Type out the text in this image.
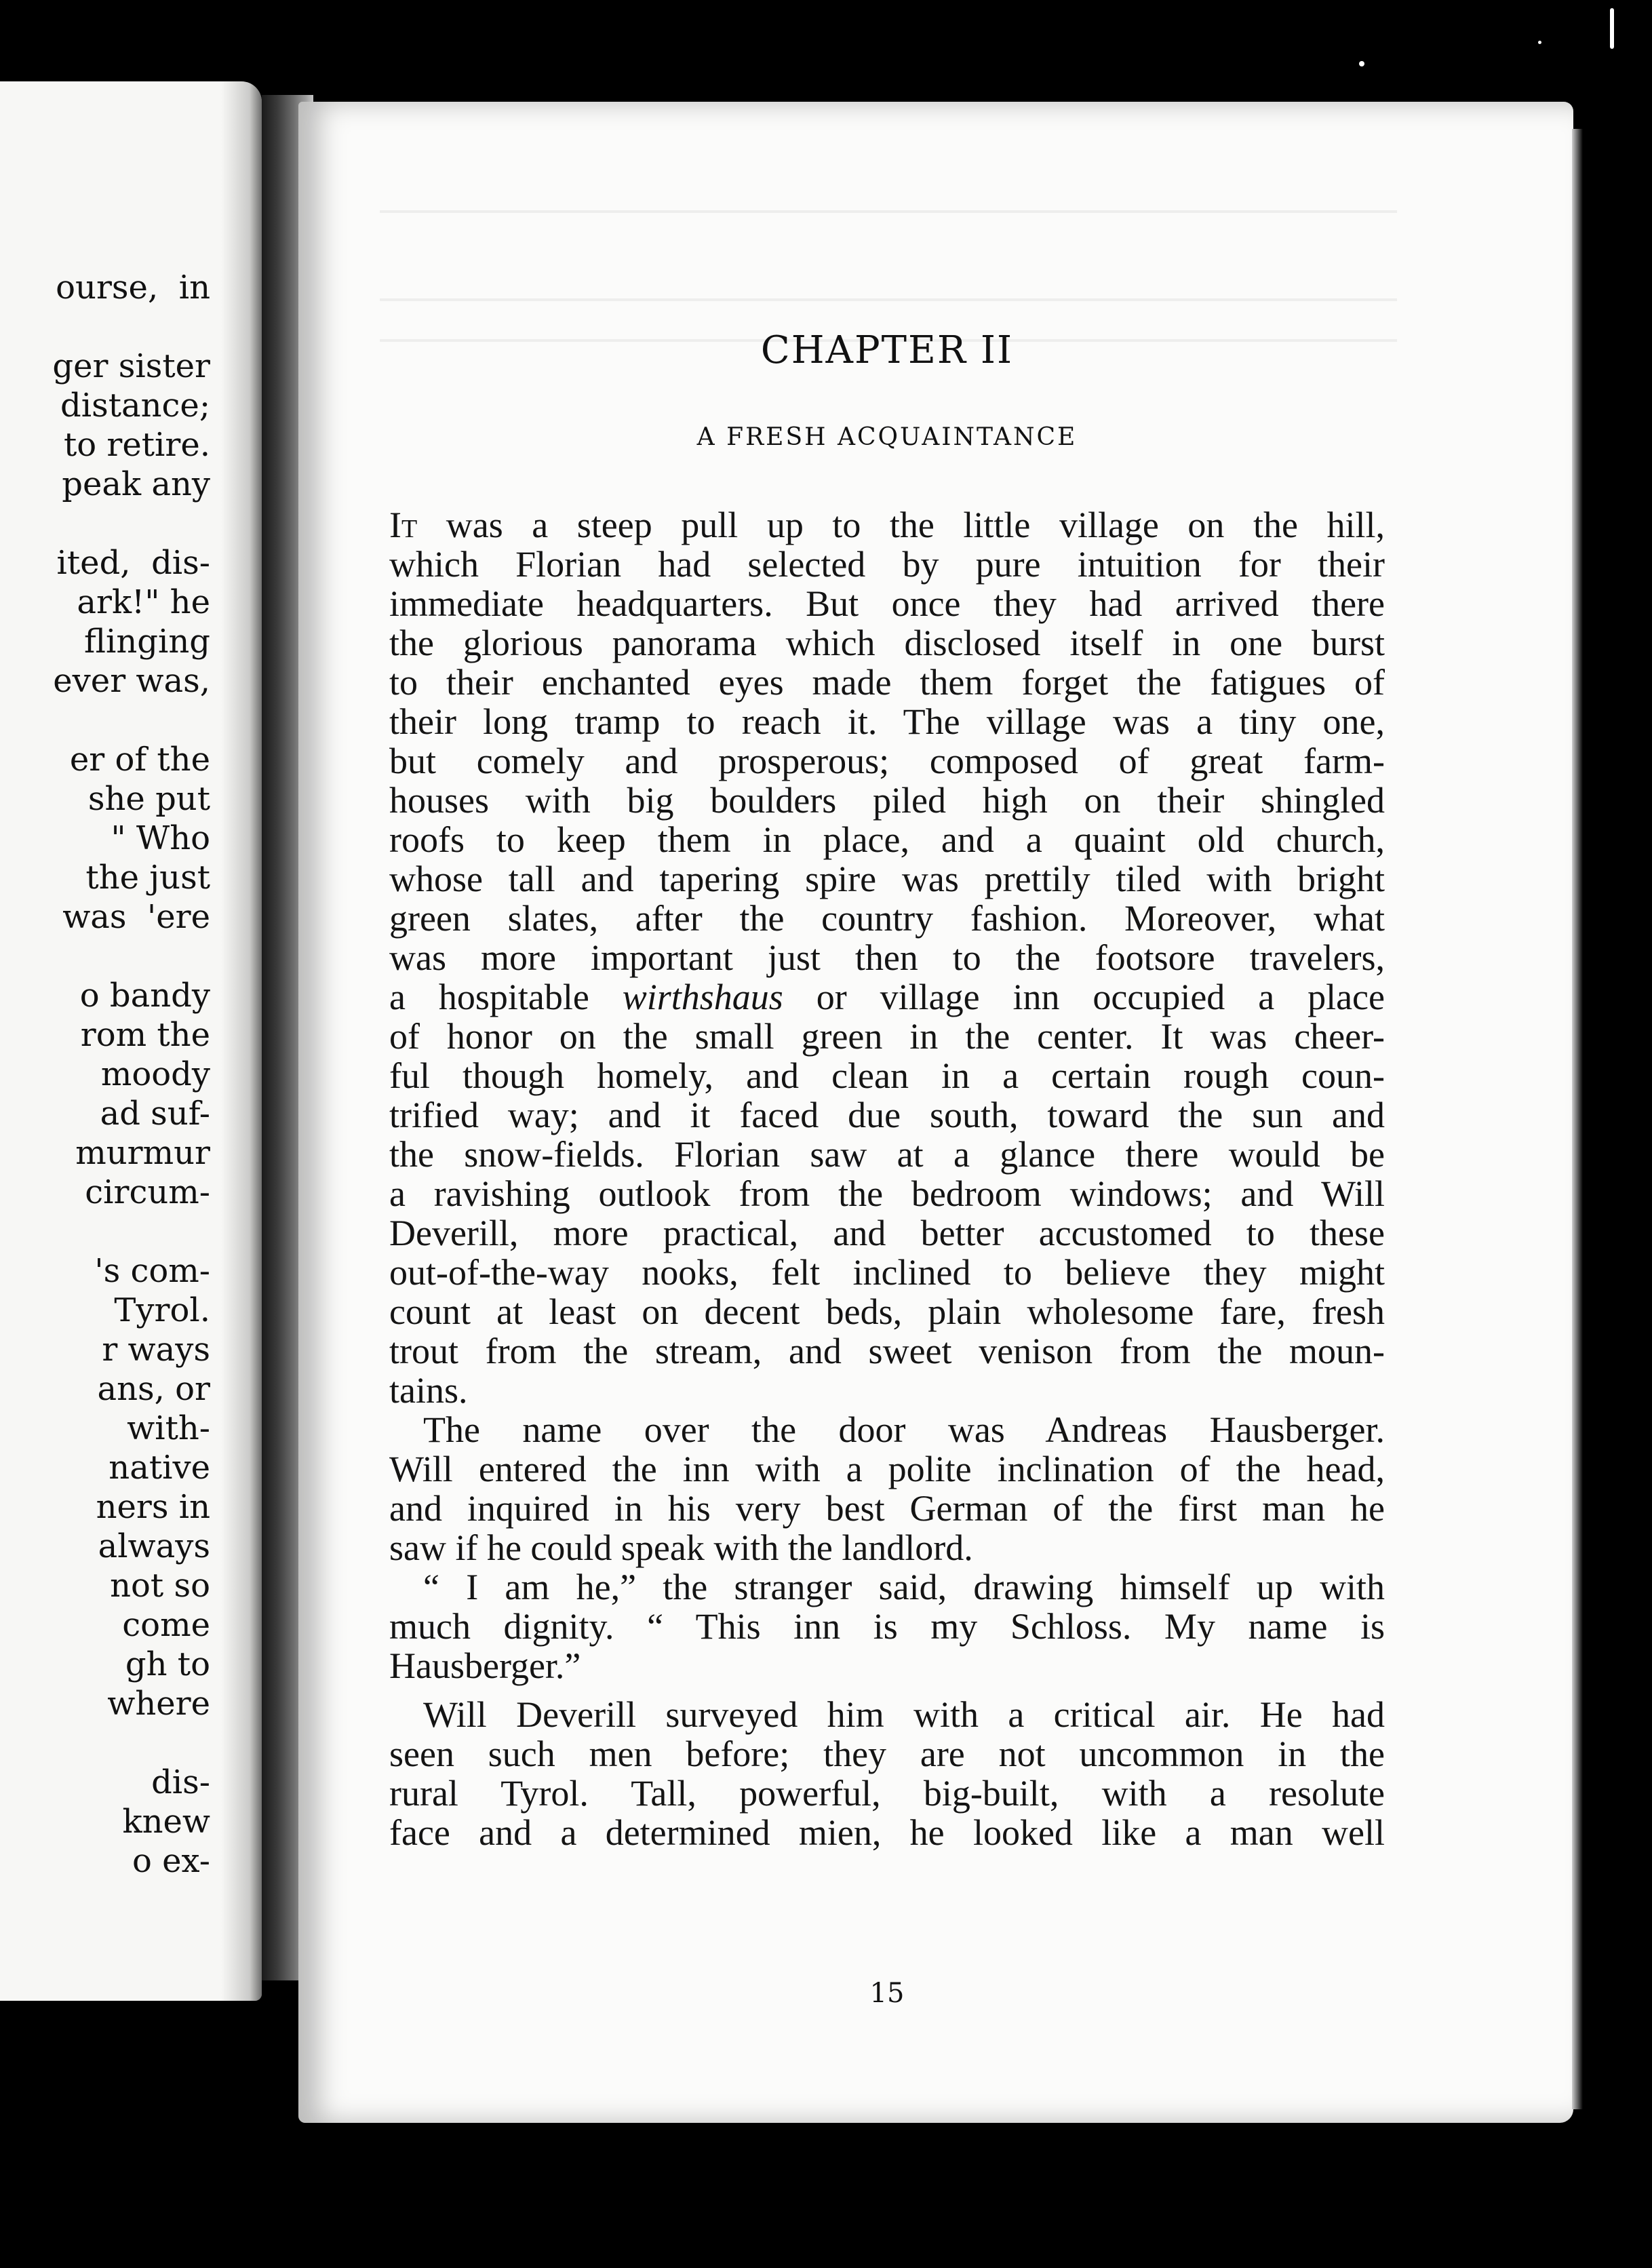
ourse,  in
ger sister
distance;
to retire.
peak any
ited,  dis-
ark!" he
flinging
ever was,
er of the
she put
" Who
the just
was  'ere
o bandy
rom the
moody
ad suf-
murmur
circum-
's com-
Tyrol.
r ways
ans, or
with-
native
ners in
always
not so
come
gh to
where
dis-
knew
o ex-
CHAPTER II
A FRESH ACQUAINTANCE
It was a steep pull up to the little village on the hill,
which Florian had selected by pure intuition for their
immediate headquarters. But once they had arrived there
the glorious panorama which disclosed itself in one burst
to their enchanted eyes made them forget the fatigues of
their long tramp to reach it. The village was a tiny one,
but comely and prosperous; composed of great farm-
houses with big boulders piled high on their shingled
roofs to keep them in place, and a quaint old church,
whose tall and tapering spire was prettily tiled with bright
green slates, after the country fashion. Moreover, what
was more important just then to the footsore travelers,
a hospitable wirthshaus or village inn occupied a place
of honor on the small green in the center. It was cheer-
ful though homely, and clean in a certain rough coun-
trified way; and it faced due south, toward the sun and
the snow-fields. Florian saw at a glance there would be
a ravishing outlook from the bedroom windows; and Will
Deverill, more practical, and better accustomed to these
out-of-the-way nooks, felt inclined to believe they might
count at least on decent beds, plain wholesome fare, fresh
trout from the stream, and sweet venison from the moun-
tains.
The name over the door was Andreas Hausberger.
Will entered the inn with a polite inclination of the head,
and inquired in his very best German of the first man he
saw if he could speak with the landlord.
“ I am he,” the stranger said, drawing himself up with
much dignity. “ This inn is my Schloss. My name is
Hausberger.”
Will Deverill surveyed him with a critical air. He had
seen such men before; they are not uncommon in the
rural Tyrol. Tall, powerful, big-built, with a resolute
face and a determined mien, he looked like a man well
15
